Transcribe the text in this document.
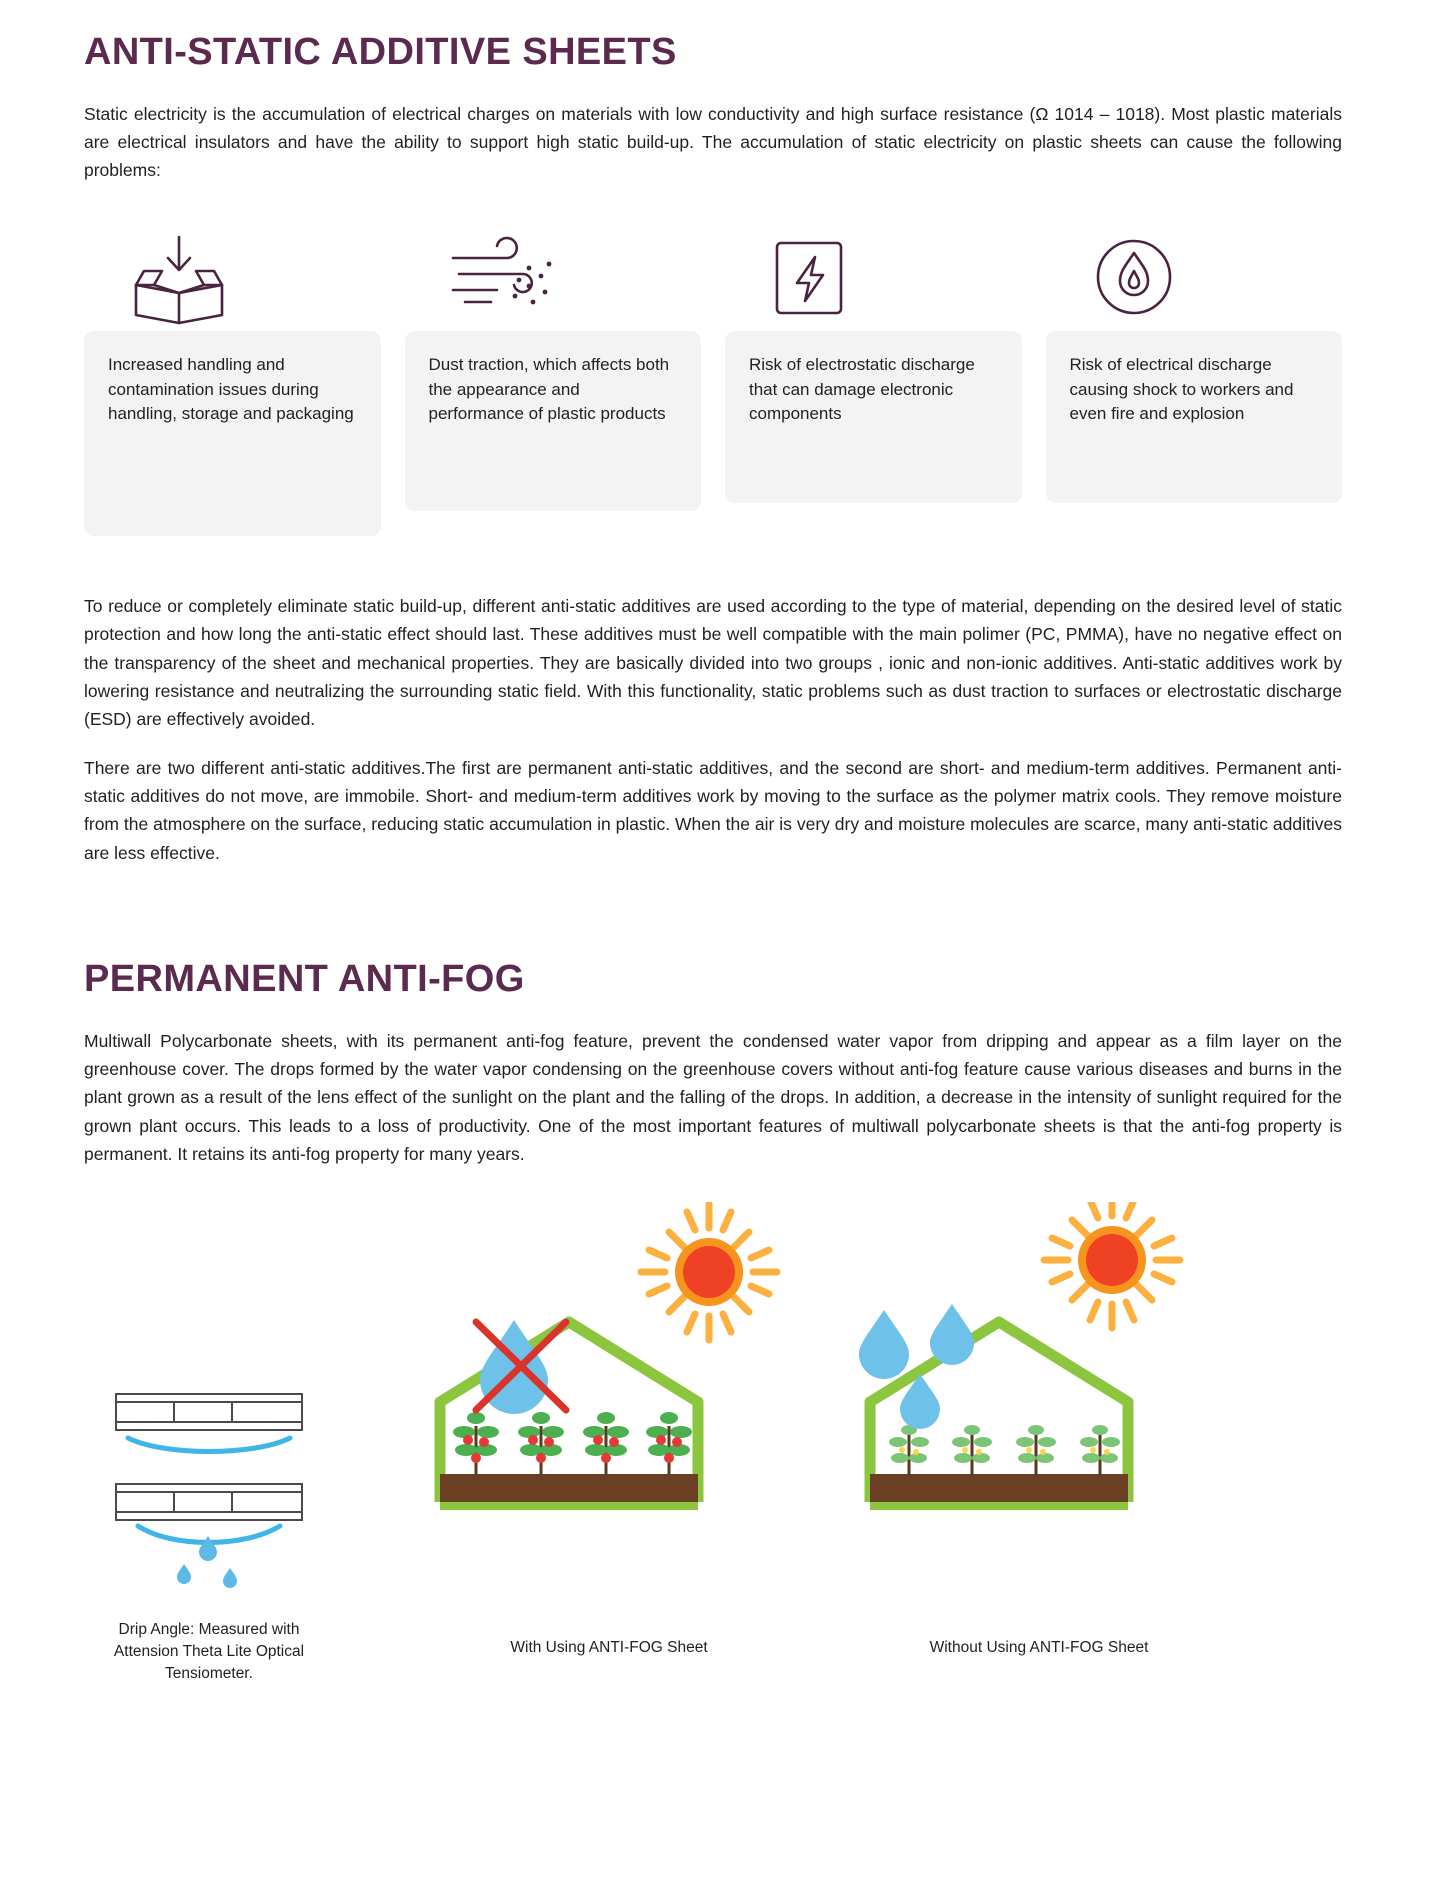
ANTI-STATIC ADDITIVE SHEETS

Static electricity is the accumulation of electrical charges on materials with low conductivity and high surface resistance (Ω 1014 – 1018). Most plastic materials are electrical insulators and have the ability to support high static build-up. The accumulation of static electricity on plastic sheets can cause the following problems:

Increased handling and contamination issues during handling, storage and packaging
Dust traction, which affects both the appearance and performance of plastic products
Risk of electrostatic discharge that can damage electronic components
Risk of electrical discharge causing shock to workers and even fire and explosion

To reduce or completely eliminate static build-up, different anti-static additives are used according to the type of material, depending on the desired level of static protection and how long the anti-static effect should last. These additives must be well compatible with the main polimer (PC, PMMA), have no negative effect on the transparency of the sheet and mechanical properties. They are basically divided into two groups , ionic and non-ionic additives. Anti-static additives work by lowering resistance and neutralizing the surrounding static field. With this functionality, static problems such as dust traction to surfaces or electrostatic discharge (ESD) are effectively avoided.

There are two different anti-static additives.The first are permanent anti-static additives, and the second are short- and medium-term additives. Permanent anti-static additives do not move, are immobile. Short- and medium-term additives work by moving to the surface as the polymer matrix cools. They remove moisture from the atmosphere on the surface, reducing static accumulation in plastic. When the air is very dry and moisture molecules are scarce, many anti-static additives are less effective.

PERMANENT ANTI-FOG

Multiwall Polycarbonate sheets, with its permanent anti-fog feature, prevent the condensed water vapor from dripping and appear as a film layer on the greenhouse cover. The drops formed by the water vapor condensing on the greenhouse covers without anti-fog feature cause various diseases and burns in the plant grown as a result of the lens effect of the sunlight on the plant and the falling of the drops. In addition, a decrease in the intensity of sunlight required for the grown plant occurs. This leads to a loss of productivity. One of the most important features of multiwall polycarbonate sheets is that the anti-fog property is permanent. It retains its anti-fog property for many years.

Drip Angle: Measured with Attension Theta Lite Optical Tensiometer.
With Using ANTI-FOG Sheet	Without Using ANTI-FOG Sheet
